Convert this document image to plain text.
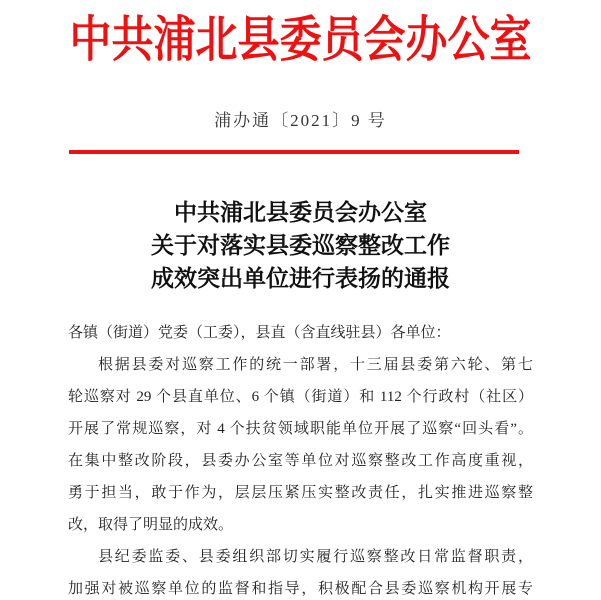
中共浦北县委员会办公室
浦办通〔2021〕9 号
中共浦北县委员会办公室
关于对落实县委巡察整改工作
成效突出单位进行表扬的通报
各镇（街道）党委（工委），县直（含直线驻县）各单位：
根据县委对巡察工作的统一部署，十三届县委第六轮、第七
轮巡察对 29 个县直单位、6 个镇（街道）和 112 个行政村（社区）
开展了常规巡察，对 4 个扶贫领域职能单位开展了巡察“回头看”。
在集中整改阶段，县委办公室等单位对巡察整改工作高度重视，
勇于担当，敢于作为，层层压紧压实整改责任，扎实推进巡察整
改，取得了明显的成效。
县纪委监委、县委组织部切实履行巡察整改日常监督职责，
加强对被巡察单位的监督和指导，积极配合县委巡察机构开展专
